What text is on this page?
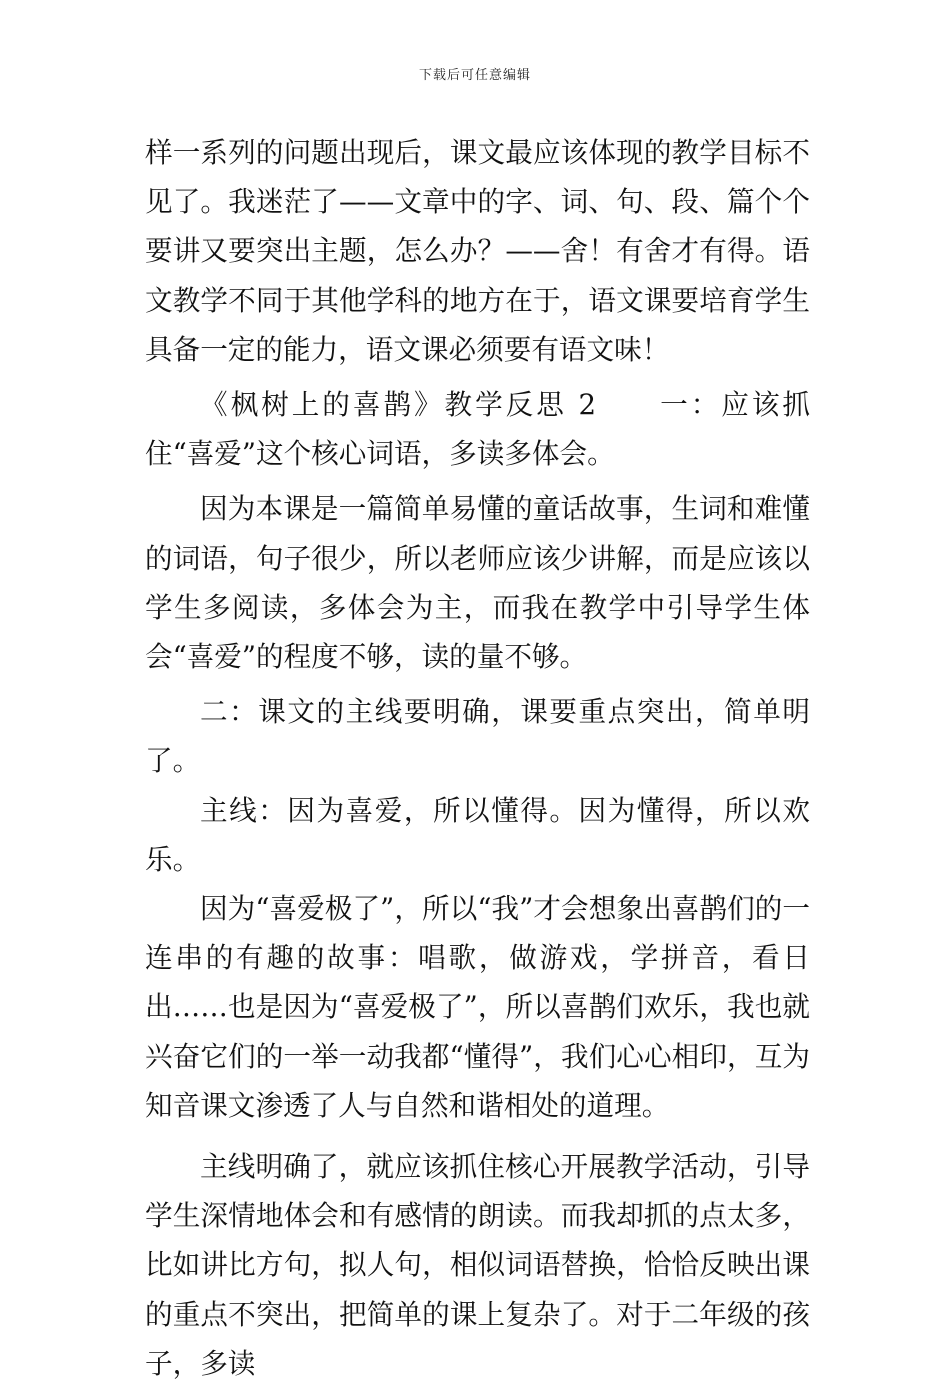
下载后可任意编辑

样一系列的问题出现后，课文最应该体现的教学目标不见了。我迷茫了——文章中的字、词、句、段、篇个个要讲又要突出主题，怎么办？——舍！有舍才有得。语文教学不同于其他学科的地方在于，语文课要培育学生具备一定的能力，语文课必须要有语文味！

《枫树上的喜鹊》教学反思 2　　一：应该抓住“喜爱”这个核心词语，多读多体会。

因为本课是一篇简单易懂的童话故事，生词和难懂的词语，句子很少，所以老师应该少讲解，而是应该以学生多阅读，多体会为主，而我在教学中引导学生体会“喜爱”的程度不够，读的量不够。

二：课文的主线要明确，课要重点突出，简单明了。

主线：因为喜爱，所以懂得。因为懂得，所以欢乐。

因为“喜爱极了”，所以“我”才会想象出喜鹊们的一连串的有趣的故事：唱歌，做游戏，学拼音，看日出……也是因为“喜爱极了”，所以喜鹊们欢乐，我也就兴奋它们的一举一动我都“懂得”，我们心心相印，互为知音课文渗透了人与自然和谐相处的道理。

主线明确了，就应该抓住核心开展教学活动，引导学生深情地体会和有感情的朗读。而我却抓的点太多，比如讲比方句，拟人句，相似词语替换，恰恰反映出课的重点不突出，把简单的课上复杂了。对于二年级的孩子，多读
